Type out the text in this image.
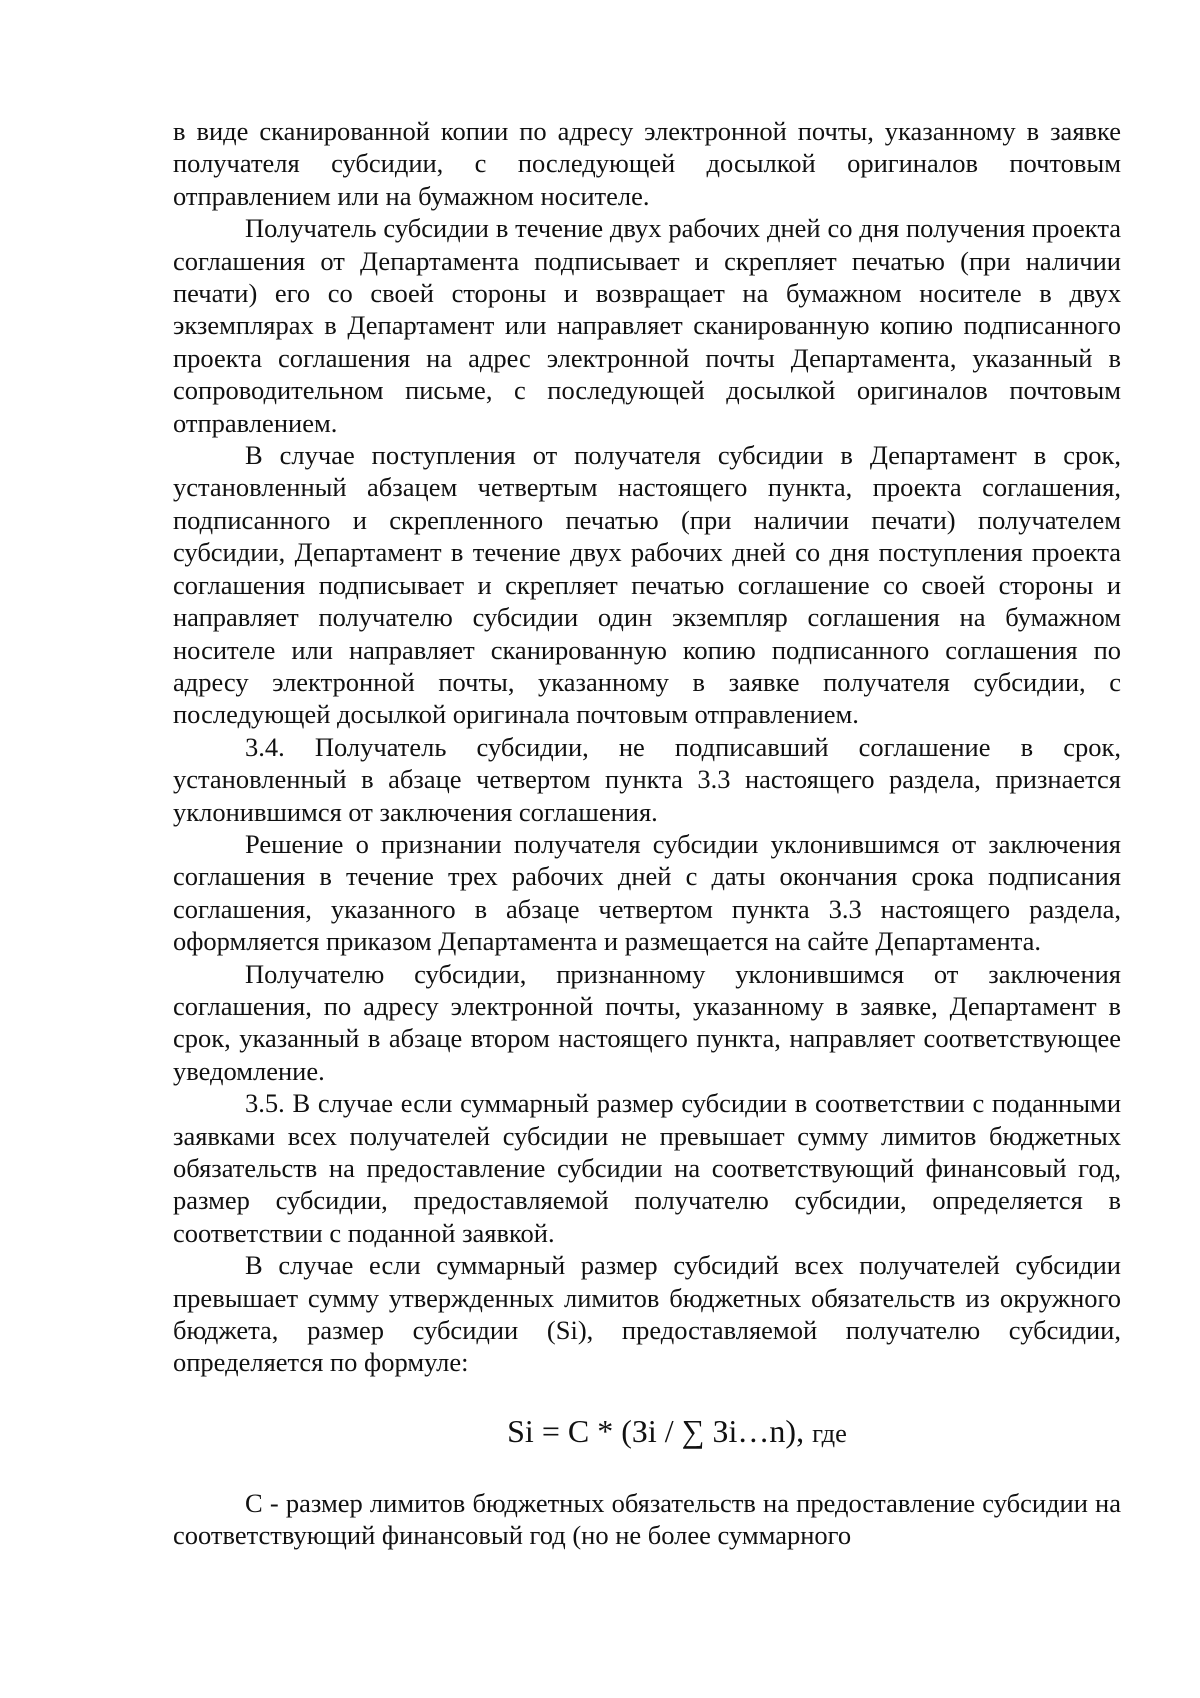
в виде сканированной копии по адресу электронной почты, указанному в заявке получателя субсидии, с последующей досылкой оригиналов почтовым отправлением или на бумажном носителе.

Получатель субсидии в течение двух рабочих дней со дня получения проекта соглашения от Департамента подписывает и скрепляет печатью (при наличии печати) его со своей стороны и возвращает на бумажном носителе в двух экземплярах в Департамент или направляет сканированную копию подписанного проекта соглашения на адрес электронной почты Департамента, указанный в сопроводительном письме, с последующей досылкой оригиналов почтовым отправлением.

В случае поступления от получателя субсидии в Департамент в срок, установленный абзацем четвертым настоящего пункта, проекта соглашения, подписанного и скрепленного печатью (при наличии печати) получателем субсидии, Департамент в течение двух рабочих дней со дня поступления проекта соглашения подписывает и скрепляет печатью соглашение со своей стороны и направляет получателю субсидии один экземпляр соглашения на бумажном носителе или направляет сканированную копию подписанного соглашения по адресу электронной почты, указанному в заявке получателя субсидии, с последующей досылкой оригинала почтовым отправлением.

3.4. Получатель субсидии, не подписавший соглашение в срок, установленный в абзаце четвертом пункта 3.3 настоящего раздела, признается уклонившимся от заключения соглашения.

Решение о признании получателя субсидии уклонившимся от заключения соглашения в течение трех рабочих дней с даты окончания срока подписания соглашения, указанного в абзаце четвертом пункта 3.3 настоящего раздела, оформляется приказом Департамента и размещается на сайте Департамента.

Получателю субсидии, признанному уклонившимся от заключения соглашения, по адресу электронной почты, указанному в заявке, Департамент в срок, указанный в абзаце втором настоящего пункта, направляет соответствующее уведомление.

3.5. В случае если суммарный размер субсидии в соответствии с поданными заявками всех получателей субсидии не превышает сумму лимитов бюджетных обязательств на предоставление субсидии на соответствующий финансовый год, размер субсидии, предоставляемой получателю субсидии, определяется в соответствии с поданной заявкой.

В случае если суммарный размер субсидий всех получателей субсидии превышает сумму утвержденных лимитов бюджетных обязательств из окружного бюджета, размер субсидии (Si), предоставляемой получателю субсидии, определяется по формуле:

Si = C * (Зi / ∑ Зi…n), где

С - размер лимитов бюджетных обязательств на предоставление субсидии на соответствующий финансовый год (но не более суммарного
